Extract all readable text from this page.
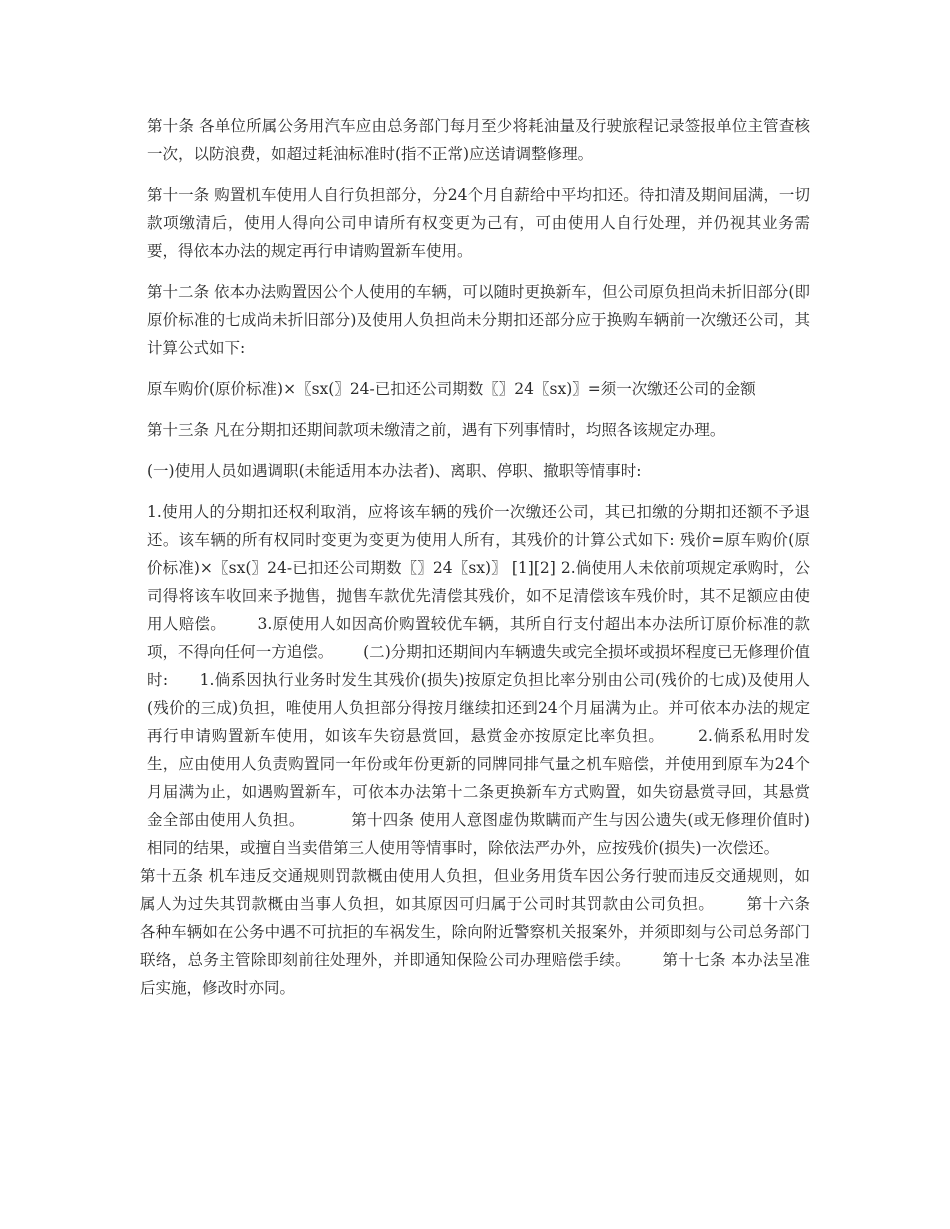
第十条 各单位所属公务用汽车应由总务部门每月至少将耗油量及行驶旅程记录签报单位主管查核一次，以防浪费，如超过耗油标准时(指不正常)应送请调整修理。

第十一条 购置机车使用人自行负担部分，分24个月自薪给中平均扣还。待扣清及期间届满，一切款项缴清后，使用人得向公司申请所有权变更为己有，可由使用人自行处理，并仍视其业务需要，得依本办法的规定再行申请购置新车使用。

第十二条 依本办法购置因公个人使用的车辆，可以随时更换新车，但公司原负担尚未折旧部分(即原价标准的七成尚未折旧部分)及使用人负担尚未分期扣还部分应于换购车辆前一次缴还公司，其计算公式如下:

原车购价(原价标准)×〖sx(〗24-已扣还公司期数〖〗24〖sx)〗=须一次缴还公司的金额

第十三条 凡在分期扣还期间款项未缴清之前，遇有下列事情时，均照各该规定办理。

(一)使用人员如遇调职(未能适用本办法者)、离职、停职、撤职等情事时:

1.使用人的分期扣还权利取消，应将该车辆的残价一次缴还公司，其已扣缴的分期扣还额不予退还。该车辆的所有权同时变更为变更为使用人所有，其残价的计算公式如下: 残价=原车购价(原价标准)×〖sx(〗24-已扣还公司期数〖〗24〖sx)〗 [1][2] 2.倘使用人未依前项规定承购时，公司得将该车收回来予抛售，抛售车款优先清偿其残价，如不足清偿该车残价时，其不足额应由使用人赔偿。 3.原使用人如因高价购置较优车辆，其所自行支付超出本办法所订原价标准的款项，不得向任何一方追偿。 (二)分期扣还期间内车辆遗失或完全损坏或损坏程度已无修理价值时: 1.倘系因执行业务时发生其残价(损失)按原定负担比率分别由公司(残价的七成)及使用人(残价的三成)负担，唯使用人负担部分得按月继续扣还到24个月届满为止。并可依本办法的规定再行申请购置新车使用，如该车失窃悬赏回，悬赏金亦按原定比率负担。 2.倘系私用时发生，应由使用人负责购置同一年份或年份更新的同牌同排气量之机车赔偿，并使用到原车为24个月届满为止，如遇购置新车，可依本办法第十二条更换新车方式购置，如失窃悬赏寻回，其悬赏金全部由使用人负担。	第十四条 使用人意图虚伪欺瞒而产生与因公遗失(或无修理价值时)相同的结果，或擅自当卖借第三人使用等情事时，除依法严办外，应按残价(损失)一次偿还。

第十五条 机车违反交通规则罚款概由使用人负担，但业务用货车因公务行驶而违反交通规则，如属人为过失其罚款概由当事人负担，如其原因可归属于公司时其罚款由公司负担。 第十六条 各种车辆如在公务中遇不可抗拒的车祸发生，除向附近警察机关报案外，并须即刻与公司总务部门联络，总务主管除即刻前往处理外，并即通知保险公司办理赔偿手续。 第十七条 本办法呈准后实施，修改时亦同。
